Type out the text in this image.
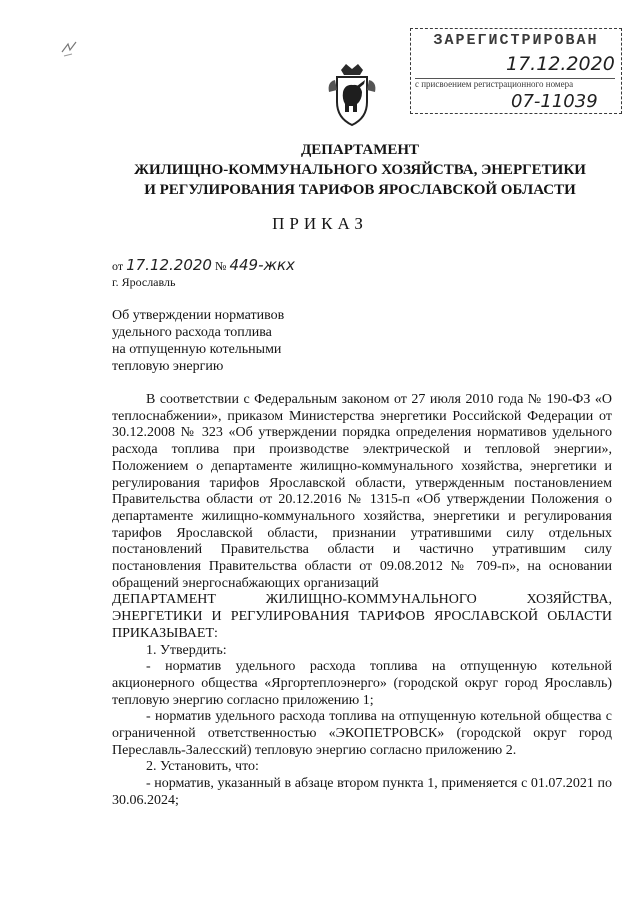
ЗАРЕГИСТРИРОВАН
17.12.2020
с присвоением регистрационного номера
07-11039
ДЕПАРТАМЕНТ
ЖИЛИЩНО-КОММУНАЛЬНОГО ХОЗЯЙСТВА, ЭНЕРГЕТИКИ
И РЕГУЛИРОВАНИЯ ТАРИФОВ ЯРОСЛАВСКОЙ ОБЛАСТИ
ПРИКАЗ
от 17.12.2020 № 449-жкх
г. Ярославль
Об утверждении нормативов
удельного расхода топлива
на отпущенную котельными
тепловую энергию

В соответствии с Федеральным законом от 27 июля 2010 года № 190-ФЗ «О теплоснабжении», приказом Министерства энергетики Российской Федерации от 30.12.2008 № 323 «Об утверждении порядка определения нормативов удельного расхода топлива при производстве электрической и тепловой энергии», Положением о департаменте жилищно-коммунального хозяйства, энергетики и регулирования тарифов Ярославской области, утвержденным постановлением Правительства области от 20.12.2016 № 1315-п «Об утверждении Положения о департаменте жилищно-коммунального хозяйства, энергетики и регулирования тарифов Ярославской области, признании утратившими силу отдельных постановлений Правительства области и частично утратившим силу постановления Правительства области от 09.08.2012 № 709-п», на основании обращений энергоснабжающих организаций

ДЕПАРТАМЕНТ ЖИЛИЩНО-КОММУНАЛЬНОГО ХОЗЯЙСТВА, ЭНЕРГЕТИКИ И РЕГУЛИРОВАНИЯ ТАРИФОВ ЯРОСЛАВСКОЙ ОБЛАСТИ ПРИКАЗЫВАЕТ:

1. Утвердить:

- норматив удельного расхода топлива на отпущенную котельной акционерного общества «Яргортеплоэнерго» (городской округ город Ярославль) тепловую энергию согласно приложению 1;

- норматив удельного расхода топлива на отпущенную котельной общества с ограниченной ответственностью «ЭКОПЕТРОВСК» (городской округ город Переславль-Залесский) тепловую энергию согласно приложению 2.

2. Установить, что:

- норматив, указанный в абзаце втором пункта 1, применяется с 01.07.2021 по 30.06.2024;
